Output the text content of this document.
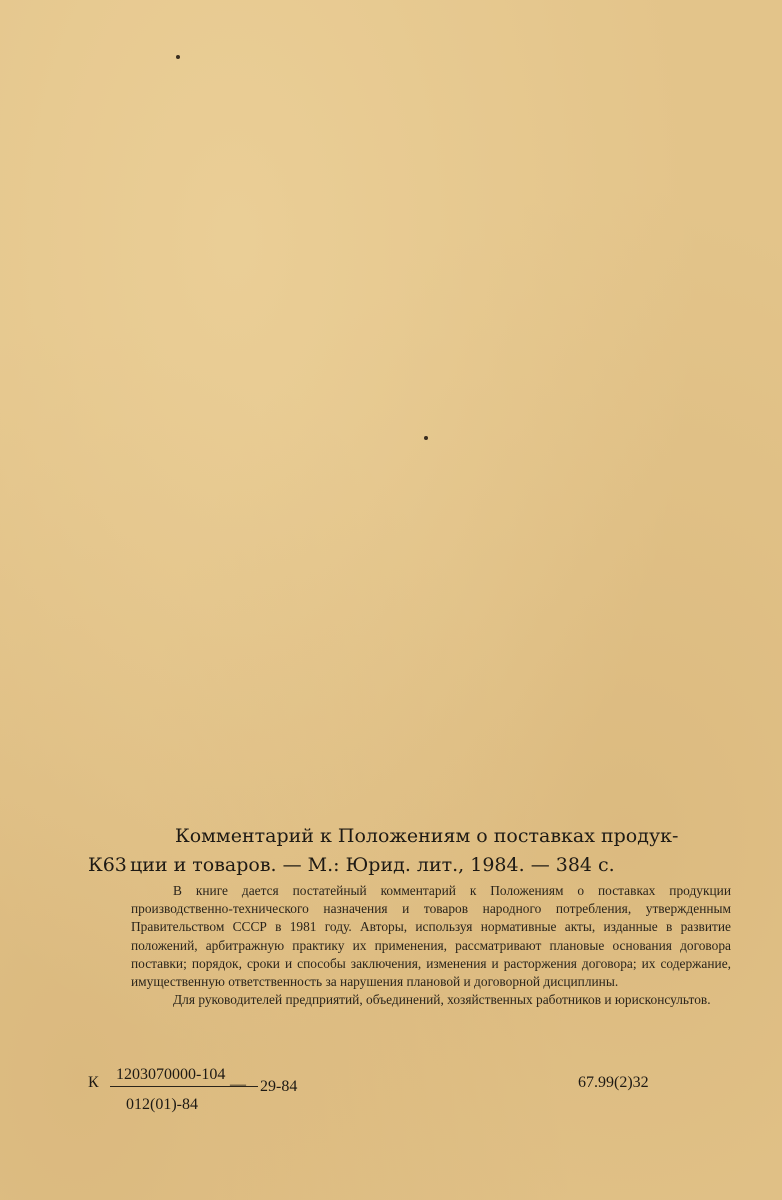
Комментарий к Положениям о поставках продук-
К63 ции и товаров. — М.: Юрид. лит., 1984. — 384 с.

В книге дается постатейный комментарий к Положениям о поставках продукции производственно-технического назначения и товаров народного потребления, утвержденным Правительством СССР в 1981 году. Авторы, используя нормативные акты, изданные в развитие положений, арбитражную практику их применения, рассматривают плановые основания договора поставки; порядок, сроки и способы заключения, изменения и расторжения договора; их содержание, имущественную ответственность за нарушения плановой и договорной дисциплины.

Для руководителей предприятий, объединений, хозяйственных работников и юрисконсультов.

К 1203070000-104
—
012(01)-84
29-84	67.99(2)32
